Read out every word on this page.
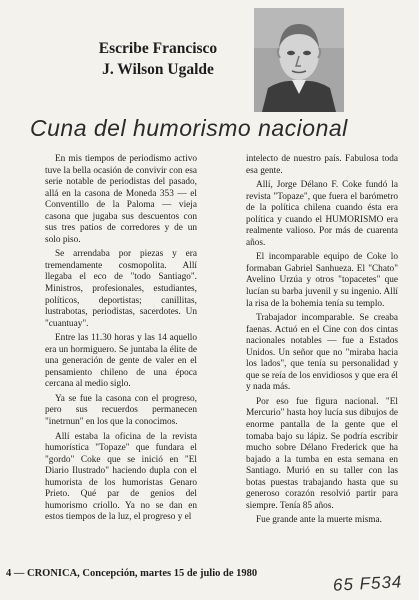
Escribe Francisco
J. Wilson Ugalde
Cuna del humorismo nacional

En mis tiempos de periodismo activo tuve la bella ocasión de convivir con esa serie notable de periodistas del pasado, allá en la casona de Moneda 353 — el Conventillo de la Paloma — vieja casona que jugaba sus descuentos con sus tres patios de corredores y de un solo piso.

Se arrendaba por piezas y era tremendamente cosmopolita. Allí llegaba el eco de "todo Santiago". Ministros, profesionales, estudiantes, políticos, deportistas; canillitas, lustrabotas, periodistas, sacerdotes. Un "cuantuay".

Entre las 11.30 horas y las 14 aquello era un hormiguero. Se juntaba la élite de una generación de gente de valer en el pensamiento chileno de una época cercana al medio siglo.

Ya se fue la casona con el progreso, pero sus recuerdos permanecen "inetrnun" en los que la conocimos.

Allí estaba la oficina de la revista humorística "Topaze" que fundara el "gordo" Coke que se inició en "El Diario Ilustrado" haciendo dupla con el humorista de los humoristas Genaro Prieto. Qué par de genios del humorismo criollo. Ya no se dan en estos tiempos de la luz, el progreso y el

intelecto de nuestro país. Fabulosa toda esa gente.

Allí, Jorge Délano F. Coke fundó la revista "Topaze", que fuera el barómetro de la política chilena cuando ésta era política y cuando el HUMORISMO era realmente valioso. Por más de cuarenta años.

El incomparable equipo de Coke lo formaban Gabriel Sanhueza. El "Chato" Avelino Urzúa y otros "topacetes" que lucían su barba juvenil y su ingenio. Allí la risa de la bohemia tenía su templo.

Trabajador incomparable. Se creaba faenas. Actuó en el Cine con dos cintas nacionales notables — fue a Estados Unidos. Un señor que no "miraba hacia los lados", que tenía su personalidad y que se reía de los envidiosos y que era él y nada más.

Por eso fue figura nacional. "El Mercurio" hasta hoy lucía sus dibujos de enorme pantalla de la gente que el tomaba bajo su lápiz. Se podría escribir mucho sobre Délano Frederick que ha bajado a la tumba en esta semana en Santiago. Murió en su taller con las botas puestas trabajando hasta que su generoso corazón resolvió partir para siempre. Tenía 85 años.

Fue grande ante la muerte misma.

4 — CRONICA, Concepción, martes 15 de julio de 1980	65 F534
